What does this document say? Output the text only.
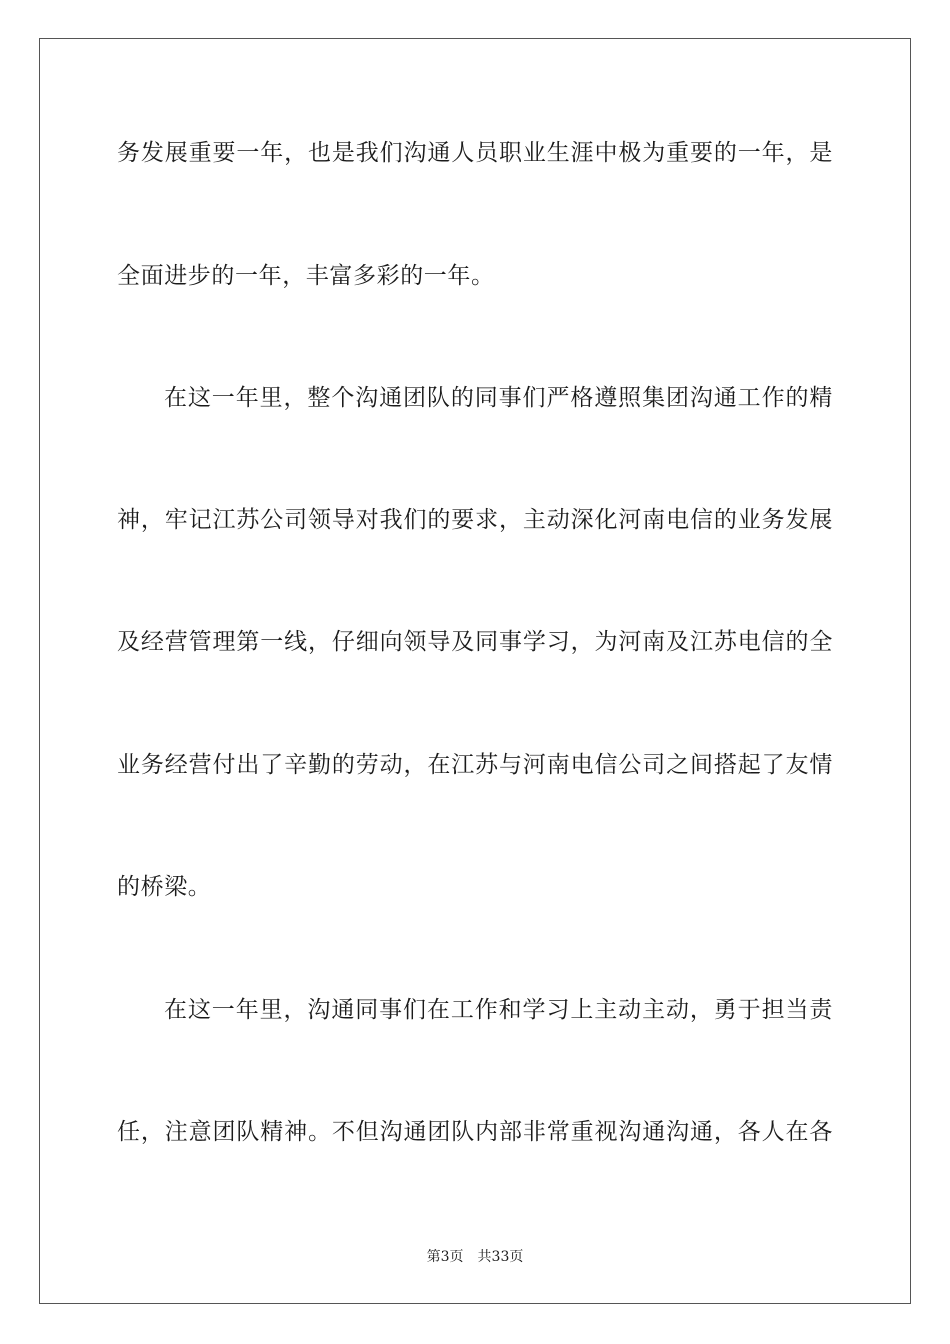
务发展重要一年，也是我们沟通人员职业生涯中极为重要的一年，是
全面进步的一年，丰富多彩的一年。
在这一年里，整个沟通团队的同事们严格遵照集团沟通工作的精
神，牢记江苏公司领导对我们的要求，主动深化河南电信的业务发展
及经营管理第一线，仔细向领导及同事学习，为河南及江苏电信的全
业务经营付出了辛勤的劳动，在江苏与河南电信公司之间搭起了友情
的桥梁。
在这一年里，沟通同事们在工作和学习上主动主动，勇于担当责
任，注意团队精神。不但沟通团队内部非常重视沟通沟通，各人在各
第3页 共33页
